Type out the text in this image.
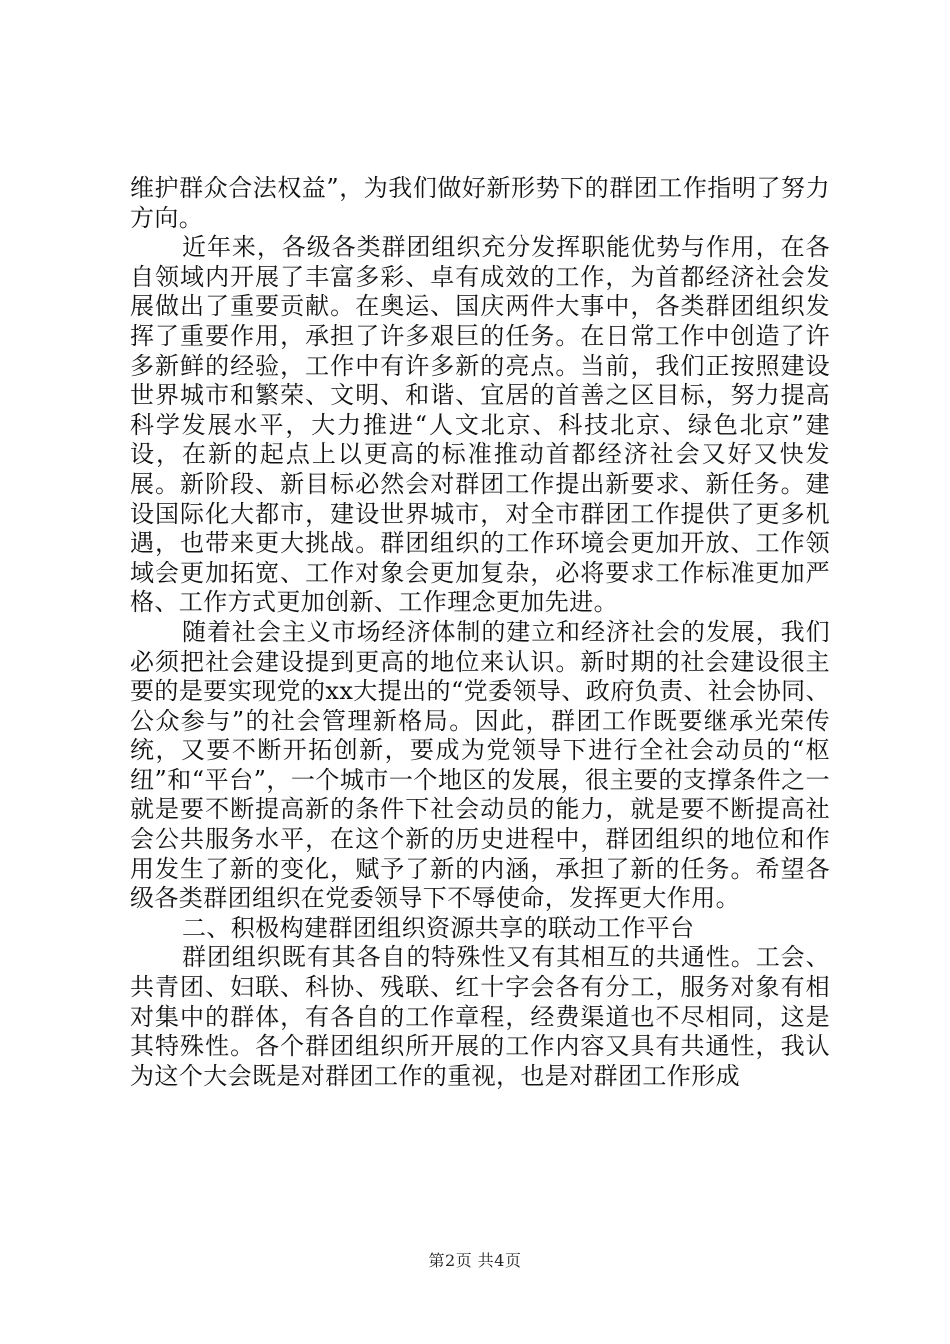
维护群众合法权益”，为我们做好新形势下的群团工作指明了努力方向。

近年来，各级各类群团组织充分发挥职能优势与作用，在各自领域内开展了丰富多彩、卓有成效的工作，为首都经济社会发展做出了重要贡献。在奥运、国庆两件大事中，各类群团组织发挥了重要作用，承担了许多艰巨的任务。在日常工作中创造了许多新鲜的经验，工作中有许多新的亮点。当前，我们正按照建设世界城市和繁荣、文明、和谐、宜居的首善之区目标，努力提高科学发展水平，大力推进“人文北京、科技北京、绿色北京”建设，在新的起点上以更高的标准推动首都经济社会又好又快发展。新阶段、新目标必然会对群团工作提出新要求、新任务。建设国际化大都市，建设世界城市，对全市群团工作提供了更多机遇，也带来更大挑战。群团组织的工作环境会更加开放、工作领域会更加拓宽、工作对象会更加复杂，必将要求工作标准更加严格、工作方式更加创新、工作理念更加先进。

随着社会主义市场经济体制的建立和经济社会的发展，我们必须把社会建设提到更高的地位来认识。新时期的社会建设很主要的是要实现党的xx大提出的“党委领导、政府负责、社会协同、公众参与”的社会管理新格局。因此，群团工作既要继承光荣传统，又要不断开拓创新，要成为党领导下进行全社会动员的“枢纽”和“平台”，一个城市一个地区的发展，很主要的支撑条件之一就是要不断提高新的条件下社会动员的能力，就是要不断提高社会公共服务水平，在这个新的历史进程中，群团组织的地位和作用发生了新的变化，赋予了新的内涵，承担了新的任务。希望各级各类群团组织在党委领导下不辱使命，发挥更大作用。

二、积极构建群团组织资源共享的联动工作平台

群团组织既有其各自的特殊性又有其相互的共通性。工会、共青团、妇联、科协、残联、红十字会各有分工，服务对象有相对集中的群体，有各自的工作章程，经费渠道也不尽相同，这是其特殊性。各个群团组织所开展的工作内容又具有共通性，我认为这个大会既是对群团工作的重视，也是对群团工作形成

第2页 共4页
